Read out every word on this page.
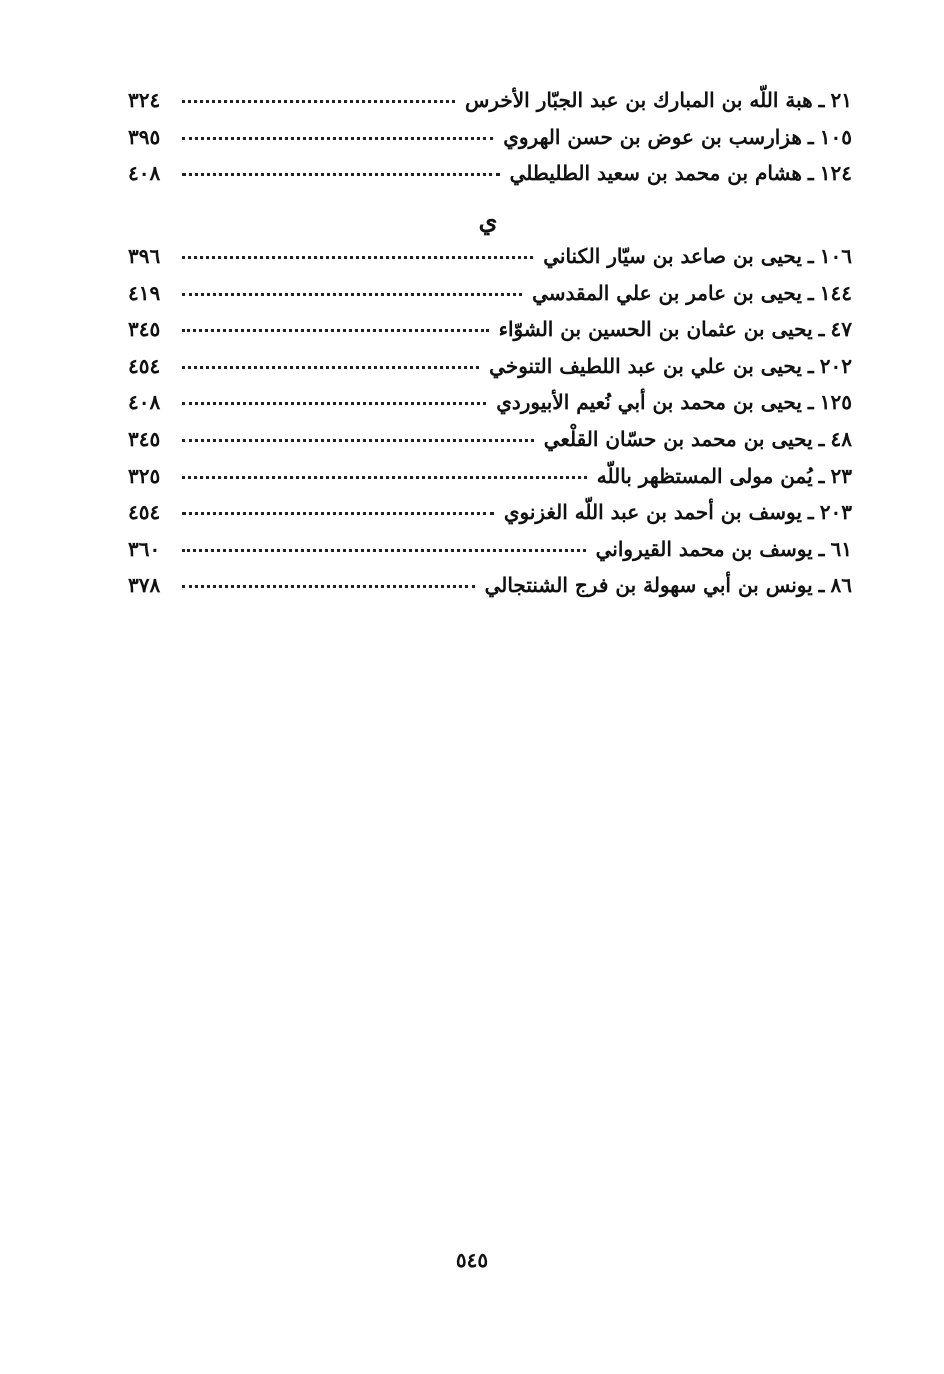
٢١
ـ
هبة اللّه بن المبارك بن عبد الجبّار الأخرس
٣٢٤
١٠٥
ـ
هزارسب بن عوض بن حسن الهروي
٣٩٥
١٢٤
ـ
هشام بن محمد بن سعيد الطليطلي
٤٠٨
ي
١٠٦
ـ
يحيى بن صاعد بن سيّار الكناني
٣٩٦
١٤٤
ـ
يحيى بن عامر بن علي المقدسي
٤١٩
٤٧
ـ
يحيى بن عثمان بن الحسين بن الشوّاء
٣٤٥
٢٠٢
ـ
يحيى بن علي بن عبد اللطيف التنوخي
٤٥٤
١٢٥
ـ
يحيى بن محمد بن أبي نُعيم الأبيوردي
٤٠٨
٤٨
ـ
يحيى بن محمد بن حسّان القلْعي
٣٤٥
٢٣
ـ
يُمن مولى المستظهر باللّه
٣٢٥
٢٠٣
ـ
يوسف بن أحمد بن عبد اللّه الغزنوي
٤٥٤
٦١
ـ
يوسف بن محمد القيرواني
٣٦٠
٨٦
ـ
يونس بن أبي سهولة بن فرج الشنتجالي
٣٧٨
٥٤٥
